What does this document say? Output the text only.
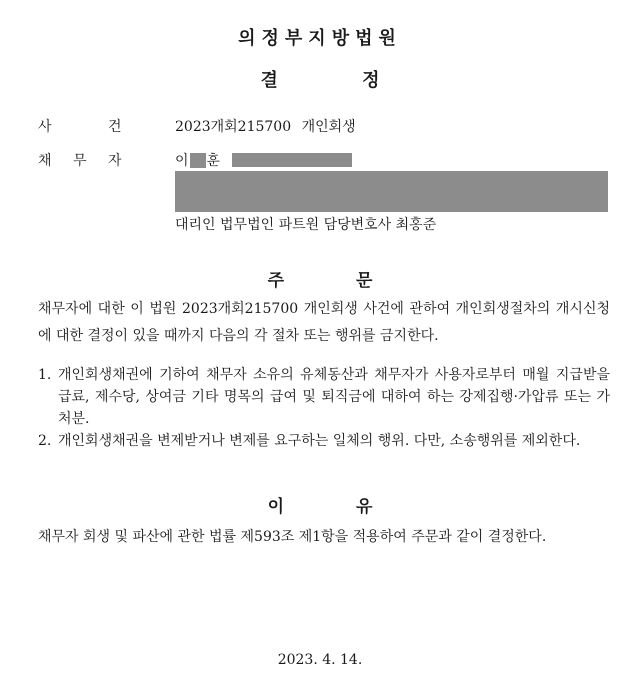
의정부지방법원
결 정
사 건	2023개회215700 개인회생
채 무 자	이 훈
대리인 법무법인 파트원 담당변호사 최홍준
주 문
채무자에 대한 이 법원 2023개회215700 개인회생 사건에 관하여 개인회생절차의 개시신청에 대한 결정이 있을 때까지 다음의 각 절차 또는 행위를 금지한다.
1. 개인회생채권에 기하여 채무자 소유의 유체동산과 채무자가 사용자로부터 매월 지급받을 급료, 제수당, 상여금 기타 명목의 급여 및 퇴직금에 대하여 하는 강제집행·가압류 또는 가처분.
2. 개인회생채권을 변제받거나 변제를 요구하는 일체의 행위. 다만, 소송행위를 제외한다.
이 유
채무자 회생 및 파산에 관한 법률 제593조 제1항을 적용하여 주문과 같이 결정한다.
2023. 4. 14.
